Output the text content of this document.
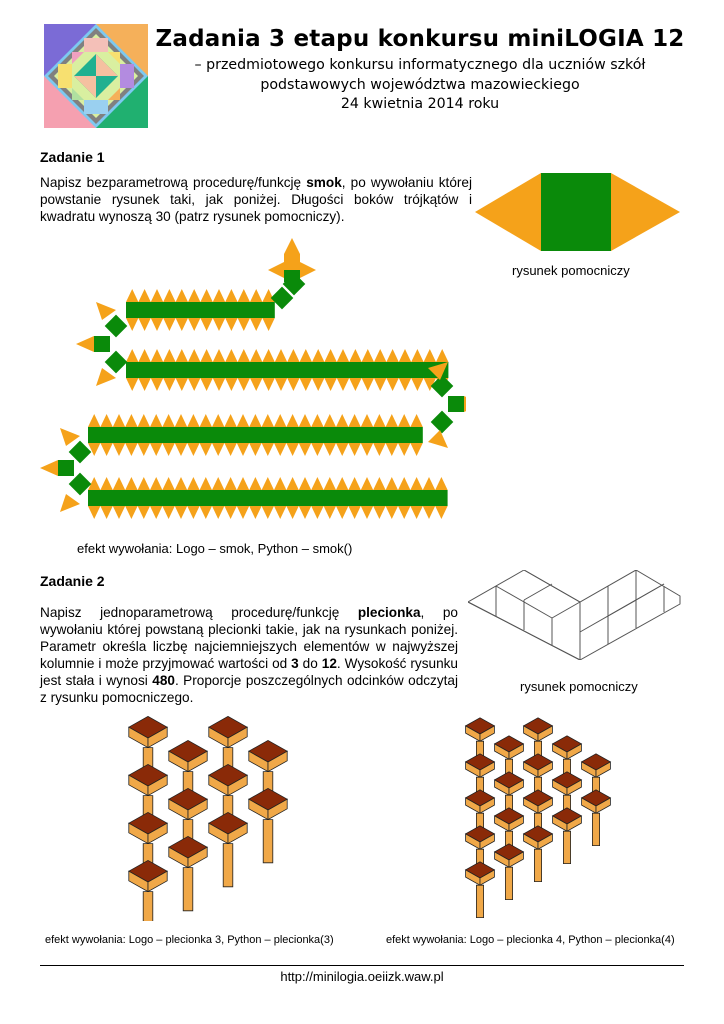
Zadania 3 etapu konkursu miniLOGIA 12
– przedmiotowego konkursu informatycznego dla uczniów szkół
podstawowych województwa mazowieckiego
24 kwietnia 2014 roku
Zadanie 1
Napisz bezparametrową procedurę/funkcję smok, po wywołaniu której powstanie rysunek taki, jak poniżej. Długości boków trójkątów i kwadratu wynoszą 30 (patrz rysunek pomocniczy).
rysunek pomocniczy
efekt wywołania: Logo – smok, Python – smok()
Zadanie 2
Napisz jednoparametrową procedurę/funkcję plecionka, po wywołaniu której powstaną plecionki takie, jak na rysunkach poniżej. Parametr określa liczbę najciemniejszych elementów w najwyższej kolumnie i może przyjmować wartości od 3 do 12. Wysokość rysunku jest stała i wynosi 480. Proporcje poszczególnych odcinków odczytaj z rysunku pomocniczego.
rysunek pomocniczy
efekt wywołania: Logo – plecionka 3, Python – plecionka(3)	efekt wywołania: Logo – plecionka 4, Python – plecionka(4)
http://minilogia.oeiizk.waw.pl
